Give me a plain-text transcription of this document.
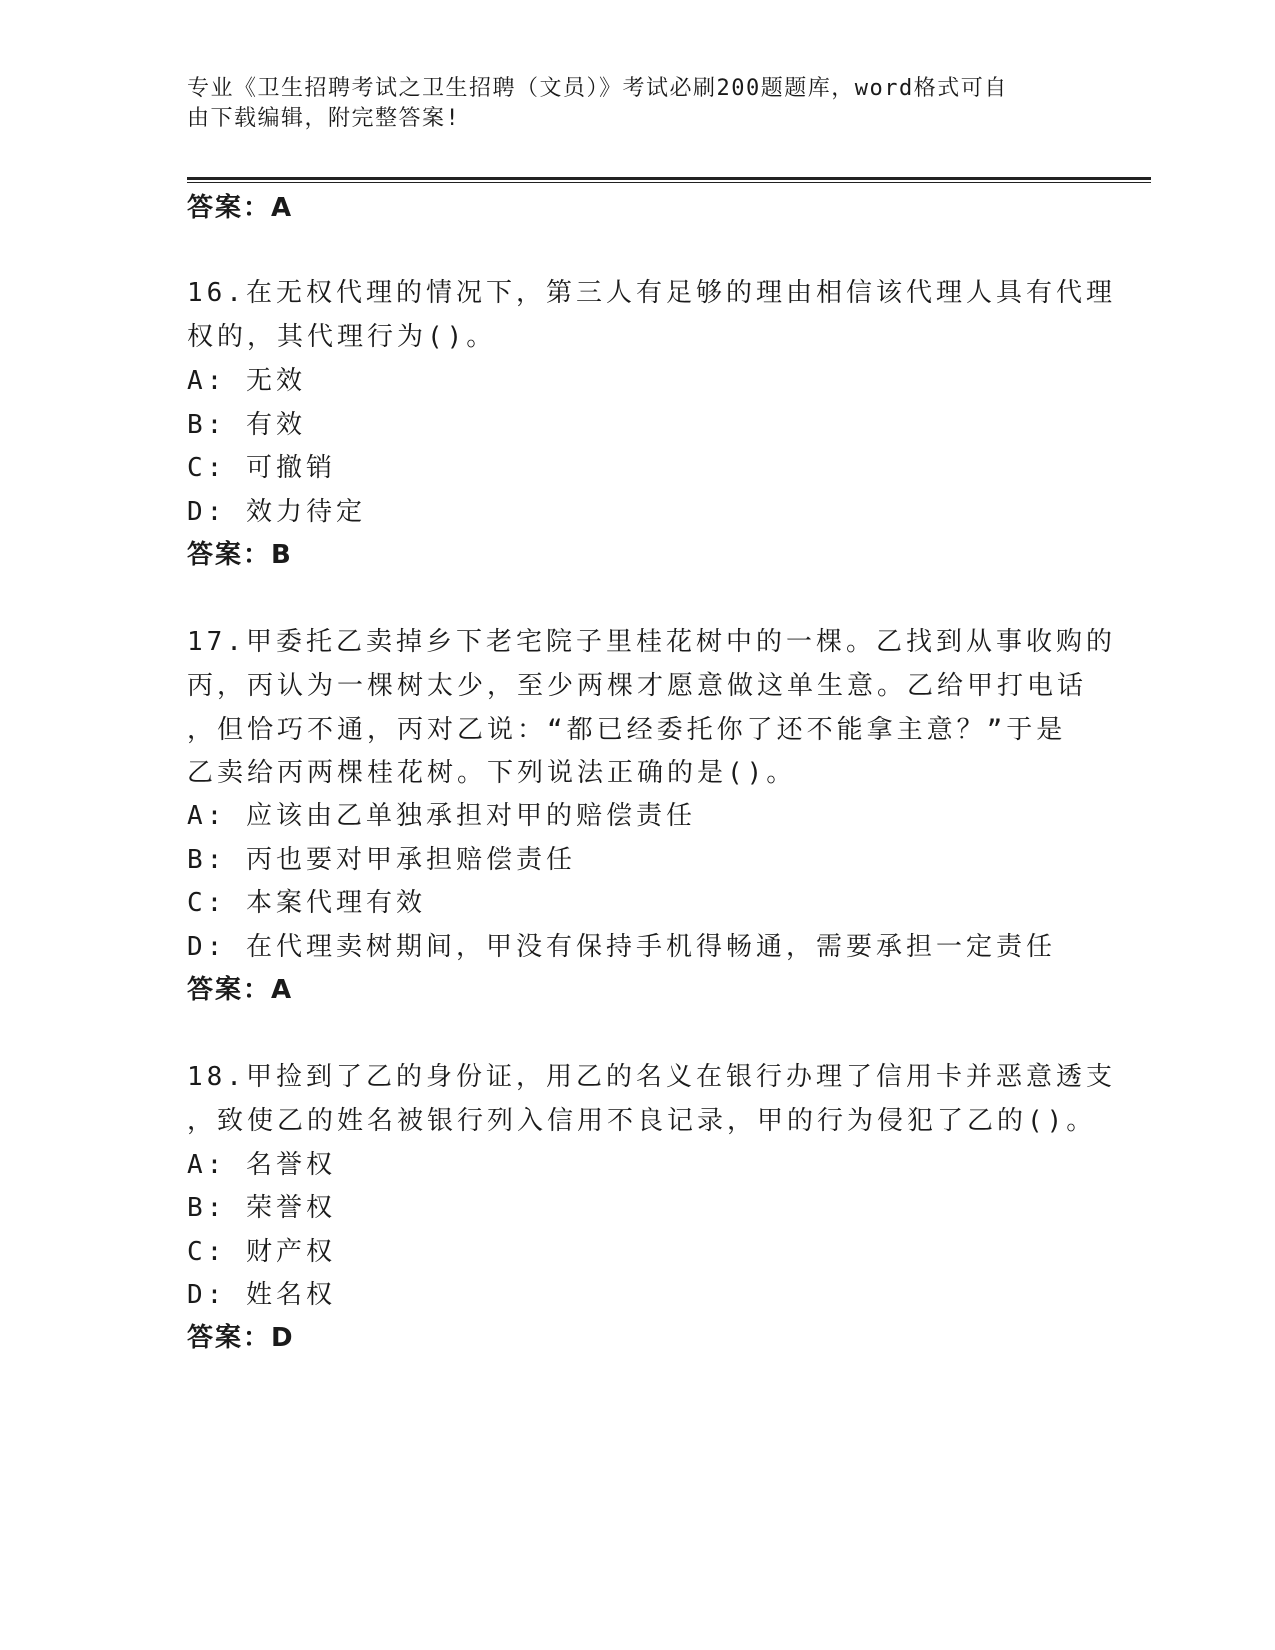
专业《卫生招聘考试之卫生招聘（文员）》考试必刷200题题库，word格式可自
由下载编辑，附完整答案!
答案：A
16.在无权代理的情况下，第三人有足够的理由相信该代理人具有代理
权的，其代理行为()。
A: 无效
B: 有效
C: 可撤销
D: 效力待定
答案：B
17.甲委托乙卖掉乡下老宅院子里桂花树中的一棵。乙找到从事收购的
丙，丙认为一棵树太少，至少两棵才愿意做这单生意。乙给甲打电话
，但恰巧不通，丙对乙说：“都已经委托你了还不能拿主意？”于是
乙卖给丙两棵桂花树。下列说法正确的是()。
A: 应该由乙单独承担对甲的赔偿责任
B: 丙也要对甲承担赔偿责任
C: 本案代理有效
D: 在代理卖树期间，甲没有保持手机得畅通，需要承担一定责任
答案：A
18.甲捡到了乙的身份证，用乙的名义在银行办理了信用卡并恶意透支
，致使乙的姓名被银行列入信用不良记录，甲的行为侵犯了乙的()。
A: 名誉权
B: 荣誉权
C: 财产权
D: 姓名权
答案：D
